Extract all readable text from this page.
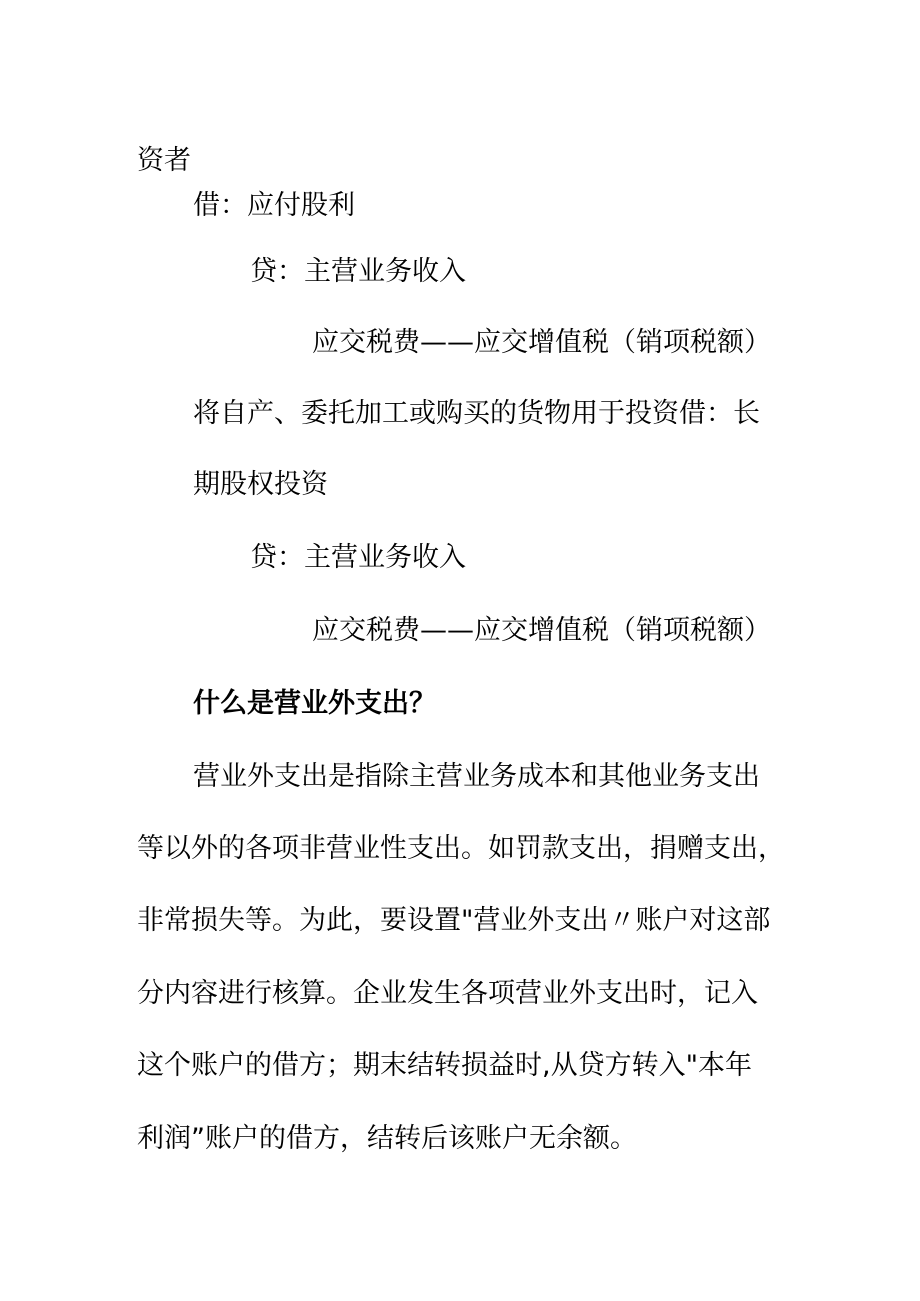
资者
借：应付股利
贷：主营业务收入
应交税费——应交增值税（销项税额）
将自产、委托加工或购买的货物用于投资借：长
期股权投资
贷：主营业务收入
应交税费——应交增值税（销项税额）
什么是营业外支出？
营业外支出是指除主营业务成本和其他业务支出
等以外的各项非营业性支出。如罚款支出，捐赠支出，
非常损失等。为此，要设置"营业外支出〃账户对这部
分内容进行核算。企业发生各项营业外支出时，记入
这个账户的借方；期末结转损益时,从贷方转入"本年
利润”账户的借方，结转后该账户无余额。
